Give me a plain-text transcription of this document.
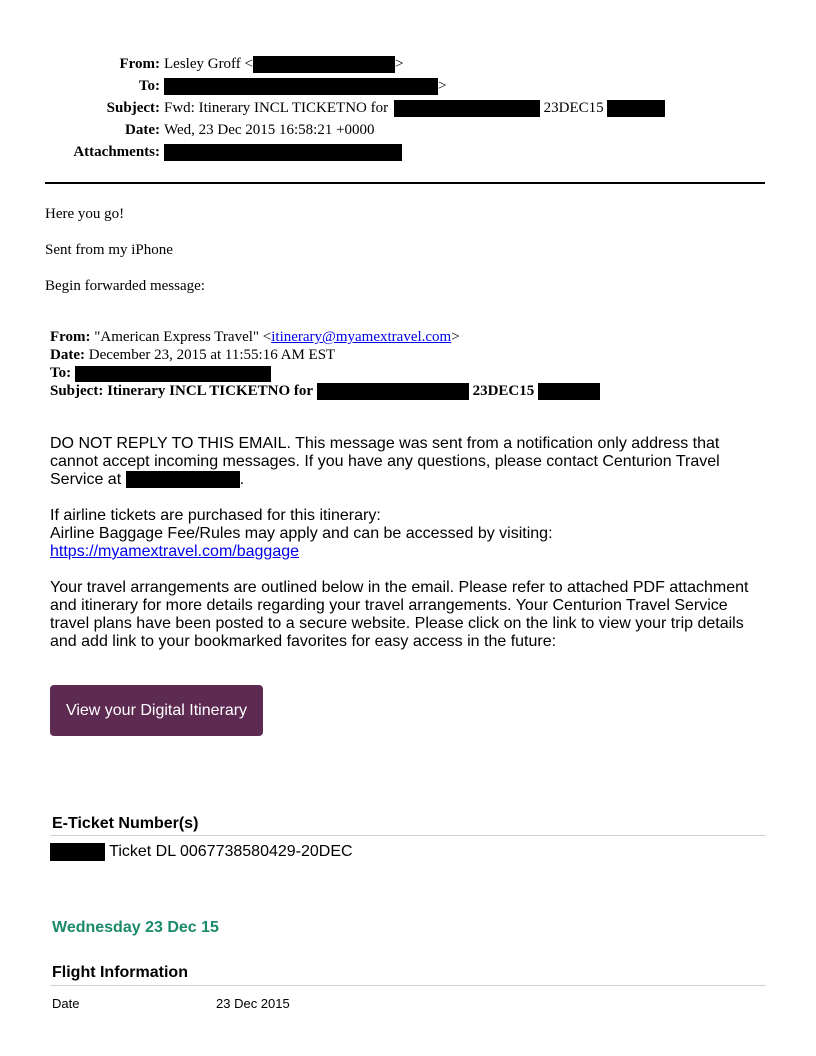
From: Lesley Groff <	>
To:	>
Subject: Fwd: Itinerary INCL TICKETNO for	23DEC15
Date: Wed, 23 Dec 2015 16:58:21 +0000
Attachments:
Here you go!
Sent from my iPhone
Begin forwarded message:
From: "American Express Travel" <itinerary@myamextravel.com>
Date: December 23, 2015 at 11:55:16 AM EST
To:
Subject: Itinerary INCL TICKETNO for	23DEC15
DO NOT REPLY TO THIS EMAIL. This message was sent from a notification only address that cannot accept incoming messages. If you have any questions, please contact Centurion Travel Service at	.
If airline tickets are purchased for this itinerary:
Airline Baggage Fee/Rules may apply and can be accessed by visiting:
https://myamextravel.com/baggage
Your travel arrangements are outlined below in the email. Please refer to attached PDF attachment and itinerary for more details regarding your travel arrangements. Your Centurion Travel Service travel plans have been posted to a secure website. Please click on the link to view your trip details and add link to your bookmarked favorites for easy access in the future:
View your Digital Itinerary
E-Ticket Number(s)
Ticket DL 0067738580429-20DEC
Wednesday 23 Dec 15
Flight Information
Date	23 Dec 2015
